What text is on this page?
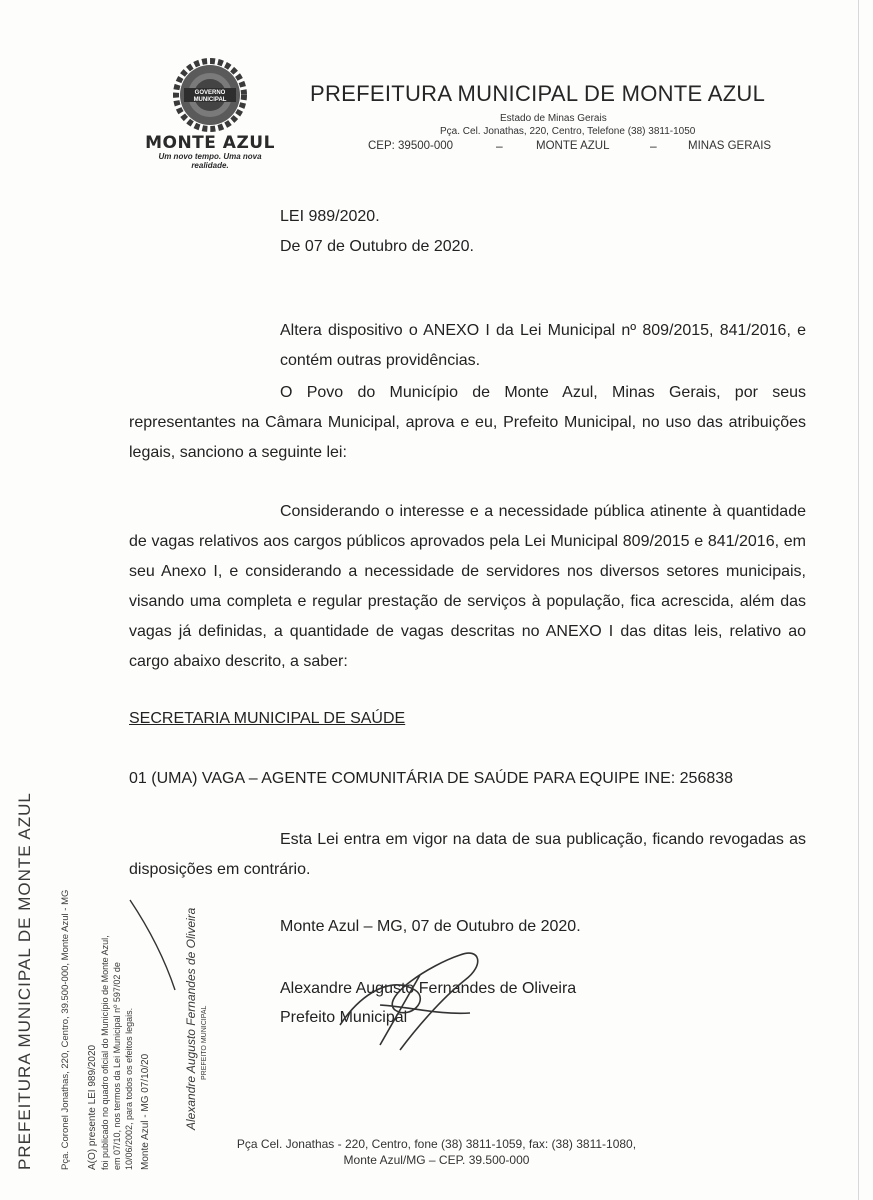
GOVERNO
MUNICIPAL
MONTE AZUL
Um novo tempo. Uma nova realidade.
PREFEITURA MUNICIPAL DE MONTE AZUL
Estado de Minas Gerais
Pça. Cel. Jonathas, 220, Centro, Telefone (38) 3811-1050
CEP: 39500-000	–	MONTE AZUL	–	MINAS GERAIS
LEI 989/2020.
De 07 de Outubro de 2020.
Altera dispositivo o ANEXO I da Lei Municipal nº 809/2015, 841/2016, e contém outras providências.
O Povo do Município de Monte Azul, Minas Gerais, por seus representantes na Câmara Municipal, aprova e eu, Prefeito Municipal, no uso das atribuições legais, sanciono a seguinte lei:
Considerando o interesse e a necessidade pública atinente à quantidade de vagas relativos aos cargos públicos aprovados pela Lei Municipal 809/2015 e 841/2016, em seu Anexo I, e considerando a necessidade de servidores nos diversos setores municipais, visando uma completa e regular prestação de serviços à população, fica acrescida, além das vagas já definidas, a quantidade de vagas descritas no ANEXO I das ditas leis, relativo ao cargo abaixo descrito, a saber:
SECRETARIA MUNICIPAL DE SAÚDE
01 (UMA) VAGA – AGENTE COMUNITÁRIA DE SAÚDE PARA EQUIPE INE: 256838
Esta Lei entra em vigor na data de sua publicação, ficando revogadas as disposições em contrário.
Monte Azul – MG, 07 de Outubro de 2020.
Alexandre Augusto Fernandes de Oliveira
Prefeito Municipal
PREFEITURA MUNICIPAL DE MONTE AZUL	Pça. Coronel Jonathas, 220, Centro, 39.500-000, Monte Azul - MG A(O) presente LEI 989/2020 foi publicado no quadro oficial do Município de Monte Azul, em 07/10, nos termos da Lei Municipal nº 597/02 de 10/06/2002, para todos os efeitos legais. Monte Azul - MG 07/10/20	Alexandre Augusto Fernandes de Oliveira PREFEITO MUNICIPAL
Pça Cel. Jonathas - 220, Centro, fone (38) 3811-1059, fax: (38) 3811-1080,
Monte Azul/MG – CEP. 39.500-000
